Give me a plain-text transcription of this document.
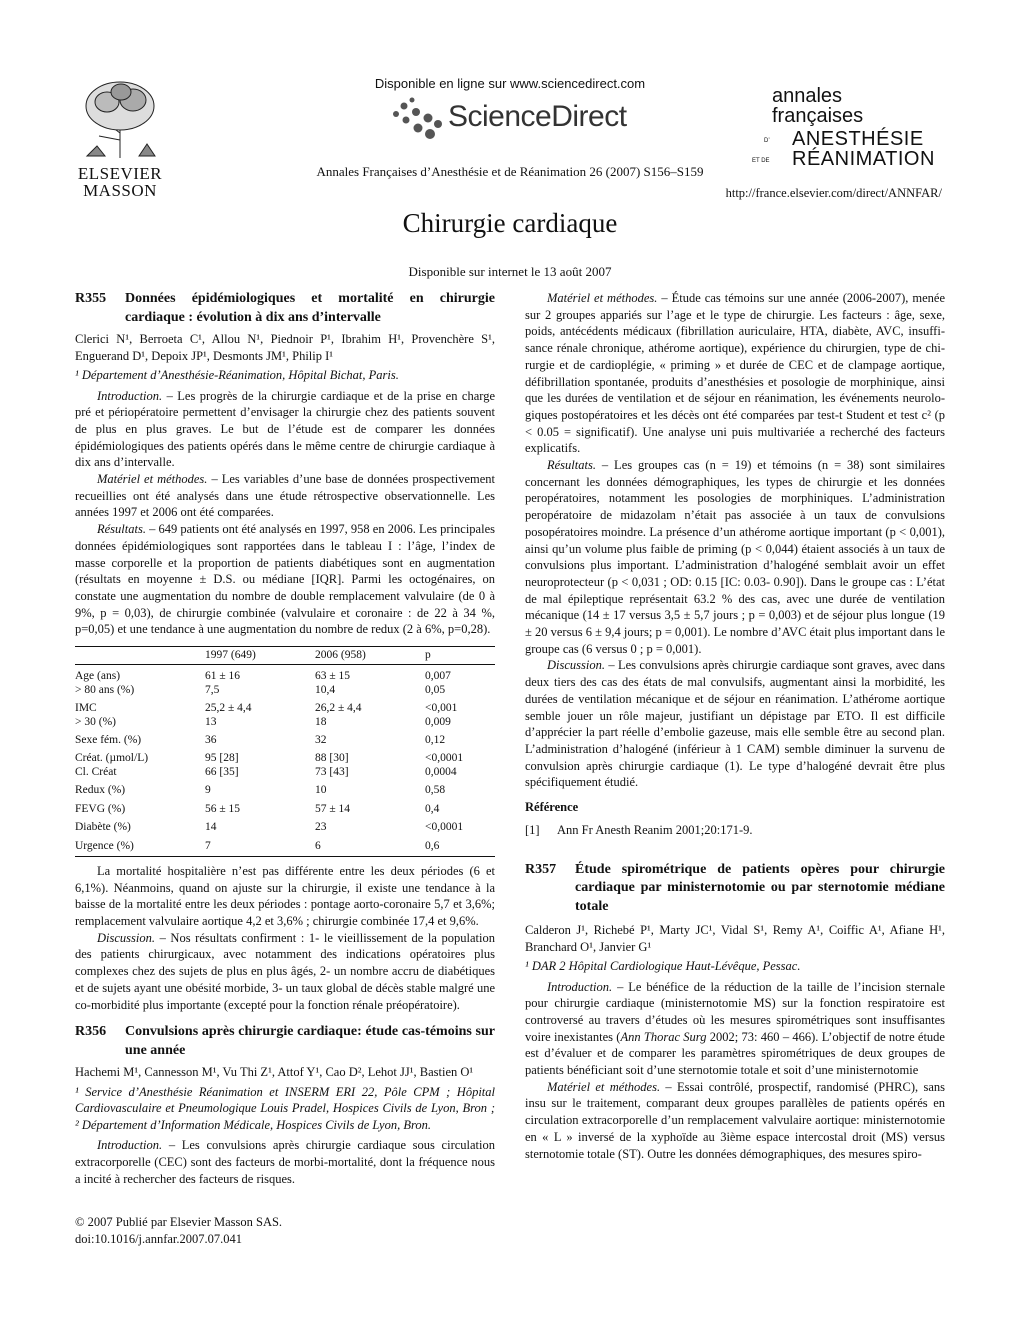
ELSEVIER
MASSON
Disponible en ligne sur www.sciencedirect.com
ScienceDirect
Annales Françaises d’Anesthésie et de Réanimation 26 (2007) S156–S159
annales
françaises
D’ ANESTHÉSIE
ET DE RÉANIMATION
http://france.elsevier.com/direct/ANNFAR/
Chirurgie cardiaque
Disponible sur internet le 13 août 2007
R355	Données épidémiologiques et mortalité en chirurgie cardiaque : évolution à dix ans d’intervalle
Clerici N¹, Berroeta C¹, Allou N¹, Piednoir P¹, Ibrahim H¹, Provenchère S¹, Enguerand D¹, Depoix JP¹, Desmonts JM¹, Philip I¹
¹ Département d’Anesthésie-Réanimation, Hôpital Bichat, Paris.

Introduction. – Les progrès de la chirurgie cardiaque et de la prise en charge pré et périopératoire permettent d’envisager la chirurgie chez des patients souvent de plus en plus graves. Le but de l’étude est de comparer les données épidémiologiques des patients opérés dans le même centre de chirurgie cardiaque à dix ans d’intervalle.

Matériel et méthodes. – Les variables d’une base de données prospectivement recueillies ont été analysés dans une étude rétrospective observationnelle. Les années 1997 et 2006 ont été comparées.

Résultats. – 649 patients ont été analysés en 1997, 958 en 2006. Les principales données épidémiologiques sont rapportées dans le tableau I : l’âge, l’index de masse corporelle et la proportion de patients diabétiques sont en augmentation (résultats en moyenne ± D.S. ou médiane [IQR]. Parmi les octogénaires, on constate une augmentation du nombre de double remplacement valvulaire (de 0 à 9%, p = 0,03), de chirurgie combinée (valvulaire et coronaire : de 22 à 34 %, p=0,05) et une tendance à une augmentation du nombre de redux (2 à 6%, p=0,28).

	1997 (649)	2006 (958)	p
Age (ans)	61 ± 16	63 ± 15	0,007
> 80 ans (%)	7,5	10,4	0,05
IMC	25,2 ± 4,4	26,2 ± 4,4	<0,001
> 30 (%)	13	18	0,009
Sexe fém. (%)	36	32	0,12
Créat. (µmol/L)	95 [28]	88 [30]	<0,0001
Cl. Créat	66 [35]	73 [43]	0,0004
Redux (%)	9	10	0,58
FEVG (%)	56 ± 15	57 ± 14	0,4
Diabète (%)	14	23	<0,0001
Urgence (%)	7	6	0,6

La mortalité hospitalière n’est pas différente entre les deux périodes (6 et 6,1%). Néanmoins, quand on ajuste sur la chirurgie, il existe une tendance à la baisse de la mortalité entre les deux périodes : pontage aorto-coronaire 5,7 et 3,6%; remplacement valvulaire aortique 4,2 et 3,6% ; chirurgie combinée 17,4 et 9,6%.

Discussion. – Nos résultats confirment : 1- le vieillissement de la population des patients chirurgicaux, avec notamment des indications opératoires plus complexes chez des sujets de plus en plus âgés, 2- un nombre accru de diabétiques et de sujets ayant une obésité morbide, 3- un taux global de décès stable malgré une co-morbidité plus importante (excepté pour la fonction rénale préopératoire).

R356	Convulsions après chirurgie cardiaque: étude cas-témoins sur une année
Hachemi M¹, Cannesson M¹, Vu Thi Z¹, Attof Y¹, Cao D², Lehot JJ¹, Bastien O¹
¹ Service d’Anesthésie Réanimation et INSERM ERI 22, Pôle CPM ; Hôpital Cardiovasculaire et Pneumologique Louis Pradel, Hospices Civils de Lyon, Bron ; ² Département d’Information Médicale, Hospices Civils de Lyon, Bron.

Introduction. – Les convulsions après chirurgie cardiaque sous circulation extracorporelle (CEC) sont des facteurs de morbi-mortalité, dont la fréquence nous a incité à rechercher des facteurs de risques.

Matériel et méthodes. – Étude cas témoins sur une année (2006-2007), menée sur 2 groupes appariés sur l’age et le type de chirurgie. Les facteurs : âge, sexe, poids, antécédents médicaux (fibrillation auriculaire, HTA, diabète, AVC, insuffisance rénale chronique, athérome aortique), expérience du chirurgien, type de chirurgie et de cardioplégie, « priming » et durée de CEC et de clampage aortique, défibrillation spontanée, produits d’anesthésies et posologie de morphinique, ainsi que les durées de ventilation et de séjour en réanimation, les événements neurologiques postopératoires et les décès ont été comparées par test-t Student et test c² (p < 0.05 = significatif). Une analyse uni puis multivariée a recherché des facteurs explicatifs.

Résultats. – Les groupes cas (n = 19) et témoins (n = 38) sont similaires concernant les données démographiques, les types de chirurgie et les données peropératoires, notamment les posologies de morphiniques. L’administration peropératoire de midazolam n’était pas associée à un taux de convulsions posopératoires moindre. La présence d’un athérome aortique important (p < 0,001), ainsi qu’un volume plus faible de priming (p < 0,044) étaient associés à un taux de convulsions plus important. L’administration d’halogéné semblait avoir un effet neuroprotecteur (p < 0,031 ; OD: 0.15 [IC: 0.03- 0.90]). Dans le groupe cas : L’état de mal épileptique représentait 63.2 % des cas, avec une durée de ventilation mécanique (14 ± 17 versus 3,5 ± 5,7 jours ; p = 0,003) et de séjour plus longue (19 ± 20 versus 6 ± 9,4 jours; p = 0,001). Le nombre d’AVC était plus important dans le groupe cas (6 versus 0 ; p = 0,001).

Discussion. – Les convulsions après chirurgie cardiaque sont graves, avec dans deux tiers des cas des états de mal convulsifs, augmentant ainsi la morbidité, les durées de ventilation mécanique et de séjour en réanimation. L’athérome aortique semble jouer un rôle majeur, justifiant un dépistage par ETO. Il est difficile d’apprécier la part réelle d’embolie gazeuse, mais elle semble être au second plan. L’administration d’halogéné (inférieur à 1 CAM) semble diminuer la survenu de convulsion après chirurgie cardiaque (1). Le type d’halogéné devrait être plus spécifiquement étudié.

Référence
[1]	Ann Fr Anesth Reanim 2001;20:171-9.
R357	Étude spirométrique de patients opères pour chirurgie cardiaque par ministernotomie ou par sternotomie médiane totale
Calderon J¹, Richebé P¹, Marty JC¹, Vidal S¹, Remy A¹, Coiffic A¹, Afiane H¹, Branchard O¹, Janvier G¹
¹ DAR 2 Hôpital Cardiologique Haut-Lévêque, Pessac.

Introduction. – Le bénéfice de la réduction de la taille de l’incision sternale pour chirurgie cardiaque (ministernotomie MS) sur la fonction respiratoire est controversé au travers d’études où les mesures spirométriques sont insuffisantes voire inexistantes (Ann Thorac Surg 2002; 73: 460 – 466). L’objectif de notre étude est d’évaluer et de comparer les paramètres spirométriques de deux groupes de patients bénéficiant soit d’une sternotomie totale et soit d’une ministernotomie

Matériel et méthodes. – Essai contrôlé, prospectif, randomisé (PHRC), sans insu sur le traitement, comparant deux groupes parallèles de patients opérés en circulation extracorporelle d’un remplacement valvulaire aortique: ministernotomie en « L » inversé de la xyphoïde au 3ième espace intercostal droit (MS) versus sternotomie totale (ST). Outre les données démographiques, des mesures spiro-

© 2007 Publié par Elsevier Masson SAS.
doi:10.1016/j.annfar.2007.07.041
